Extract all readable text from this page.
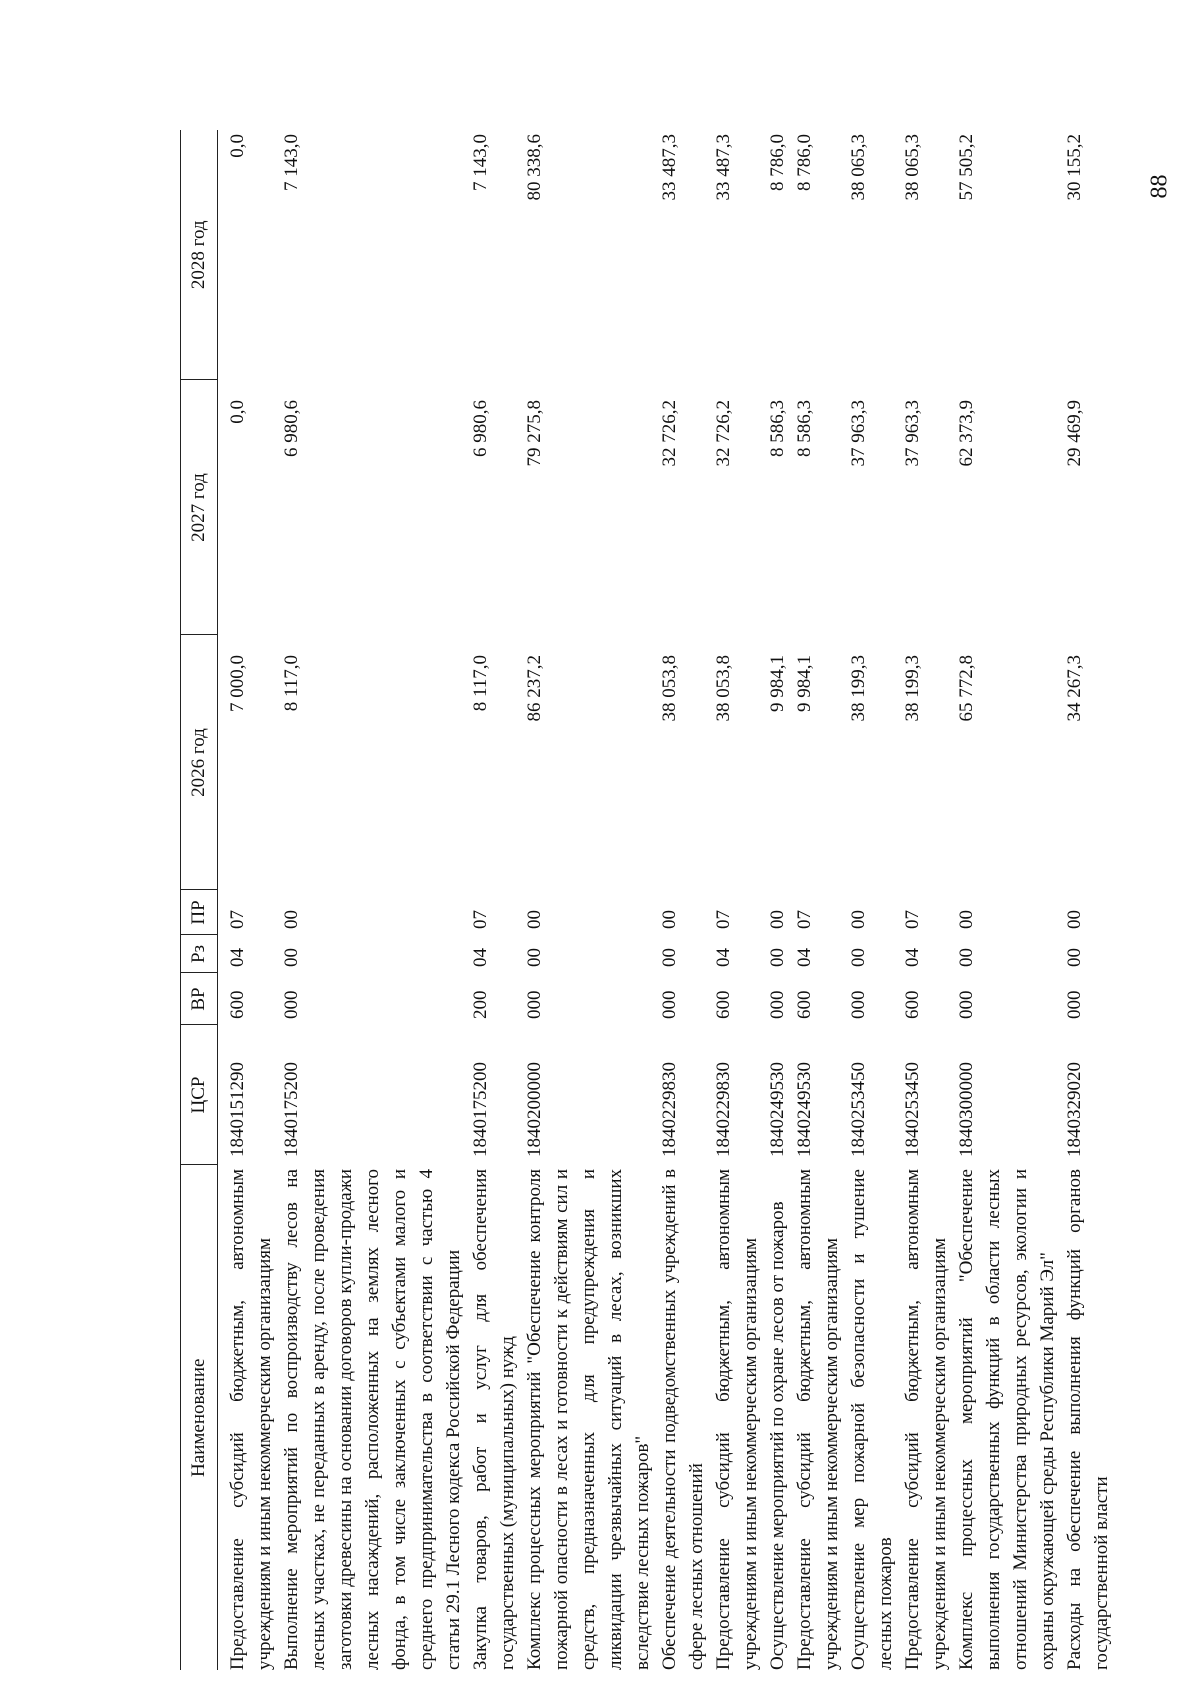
88
Наименование	ЦСР	ВР	Рз	ПР	2026 год	2027 год	2028 год

Предоставление субсидий бюджетным, автономным учреждениям и иным некоммерческим организациям	1840151290	600	04	07	7 000,0	0,0	0,0
Выполнение мероприятий по воспроизводству лесов на лесных участках, не переданных в аренду, после проведения заготовки древесины на основании договоров купли-продажи лесных насаждений, расположенных на землях лесного фонда, в том числе заключенных с субъектами малого и среднего предпринимательства в соответствии с частью 4 статьи 29.1 Лесного кодекса Российской Федерации	1840175200	000	00	00	8 117,0	6 980,6	7 143,0
Закупка товаров, работ и услуг для обеспечения государственных (муниципальных) нужд	1840175200	200	04	07	8 117,0	6 980,6	7 143,0
Комплекс процессных мероприятий "Обеспечение контроля пожарной опасности в лесах и готовности к действиям сил и средств, предназначенных для предупреждения и ликвидации чрезвычайных ситуаций в лесах, возникших вследствие лесных пожаров"	1840200000	000	00	00	86 237,2	79 275,8	80 338,6
Обеспечение деятельности подведомственных учреждений в сфере лесных отношений	1840229830	000	00	00	38 053,8	32 726,2	33 487,3
Предоставление субсидий бюджетным, автономным учреждениям и иным некоммерческим организациям	1840229830	600	04	07	38 053,8	32 726,2	33 487,3
Осуществление мероприятий по охране лесов от пожаров	1840249530	000	00	00	9 984,1	8 586,3	8 786,0
Предоставление субсидий бюджетным, автономным учреждениям и иным некоммерческим организациям	1840249530	600	04	07	9 984,1	8 586,3	8 786,0
Осуществление мер пожарной безопасности и тушение лесных пожаров	1840253450	000	00	00	38 199,3	37 963,3	38 065,3
Предоставление субсидий бюджетным, автономным учреждениям и иным некоммерческим организациям	1840253450	600	04	07	38 199,3	37 963,3	38 065,3
Комплекс процессных мероприятий "Обеспечение выполнения государственных функций в области лесных отношений Министерства природных ресурсов, экологии и охраны окружающей среды Республики Марий Эл"	1840300000	000	00	00	65 772,8	62 373,9	57 505,2
Расходы на обеспечение выполнения функций органов государственной власти	1840329020	000	00	00	34 267,3	29 469,9	30 155,2
